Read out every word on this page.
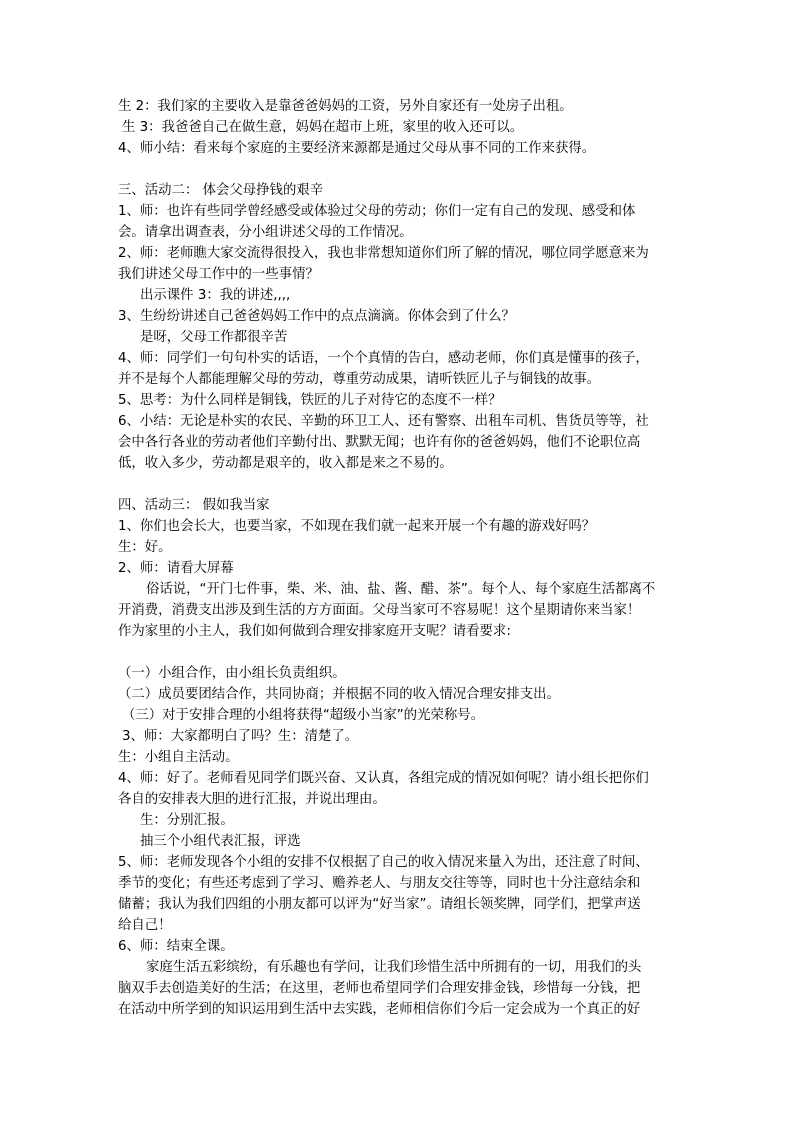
生 2：我们家的主要收入是靠爸爸妈妈的工资，另外自家还有一处房子出租。
生 3：我爸爸自己在做生意，妈妈在超市上班，家里的收入还可以。
4、师小结：看来每个家庭的主要经济来源都是通过父母从事不同的工作来获得。
三、活动二： 体会父母挣钱的艰辛
1、师：也许有些同学曾经感受或体验过父母的劳动；你们一定有自己的发现、感受和体
会。请拿出调查表，分小组讲述父母的工作情况。
2、师：老师瞧大家交流得很投入，我也非常想知道你们所了解的情况，哪位同学愿意来为
我们讲述父母工作中的一些事情？
出示课件 3：我的讲述,,,,
3、生纷纷讲述自己爸爸妈妈工作中的点点滴滴。你体会到了什么？
是呀，父母工作都很辛苦
4、师：同学们一句句朴实的话语，一个个真情的告白，感动老师，你们真是懂事的孩子，
并不是每个人都能理解父母的劳动，尊重劳动成果，请听铁匠儿子与铜钱的故事。
5、思考：为什么同样是铜钱，铁匠的儿子对待它的态度不一样？
6、小结：无论是朴实的农民、辛勤的环卫工人、还有警察、出租车司机、售货员等等，社
会中各行各业的劳动者他们辛勤付出、默默无闻；也许有你的爸爸妈妈，他们不论职位高
低，收入多少，劳动都是艰辛的，收入都是来之不易的。
四、活动三： 假如我当家
1、你们也会长大，也要当家，不如现在我们就一起来开展一个有趣的游戏好吗？
生：好。
2、师：请看大屏幕
俗话说，“开门七件事，柴、米、油、盐、酱、醋、茶”。每个人、每个家庭生活都离不
开消费，消费支出涉及到生活的方方面面。父母当家可不容易呢！这个星期请你来当家！
作为家里的小主人，我们如何做到合理安排家庭开支呢？请看要求:
（一）小组合作，由小组长负责组织。
（二）成员要团结合作，共同协商；并根据不同的收入情况合理安排支出。
（三）对于安排合理的小组将获得“超级小当家”的光荣称号。
3、师：大家都明白了吗？生：清楚了。
生：小组自主活动。
4、师：好了。老师看见同学们既兴奋、又认真，各组完成的情况如何呢？请小组长把你们
各自的安排表大胆的进行汇报，并说出理由。
生：分别汇报。
抽三个小组代表汇报，评选
5、师：老师发现各个小组的安排不仅根据了自己的收入情况来量入为出，还注意了时间、
季节的变化；有些还考虑到了学习、赡养老人、与朋友交往等等，同时也十分注意结余和
储蓄；我认为我们四组的小朋友都可以评为“好当家”。请组长领奖牌，同学们，把掌声送
给自己！
6、师：结束全课。
家庭生活五彩缤纷，有乐趣也有学问，让我们珍惜生活中所拥有的一切，用我们的头
脑双手去创造美好的生活；在这里，老师也希望同学们合理安排金钱，珍惜每一分钱，把
在活动中所学到的知识运用到生活中去实践，老师相信你们今后一定会成为一个真正的好
